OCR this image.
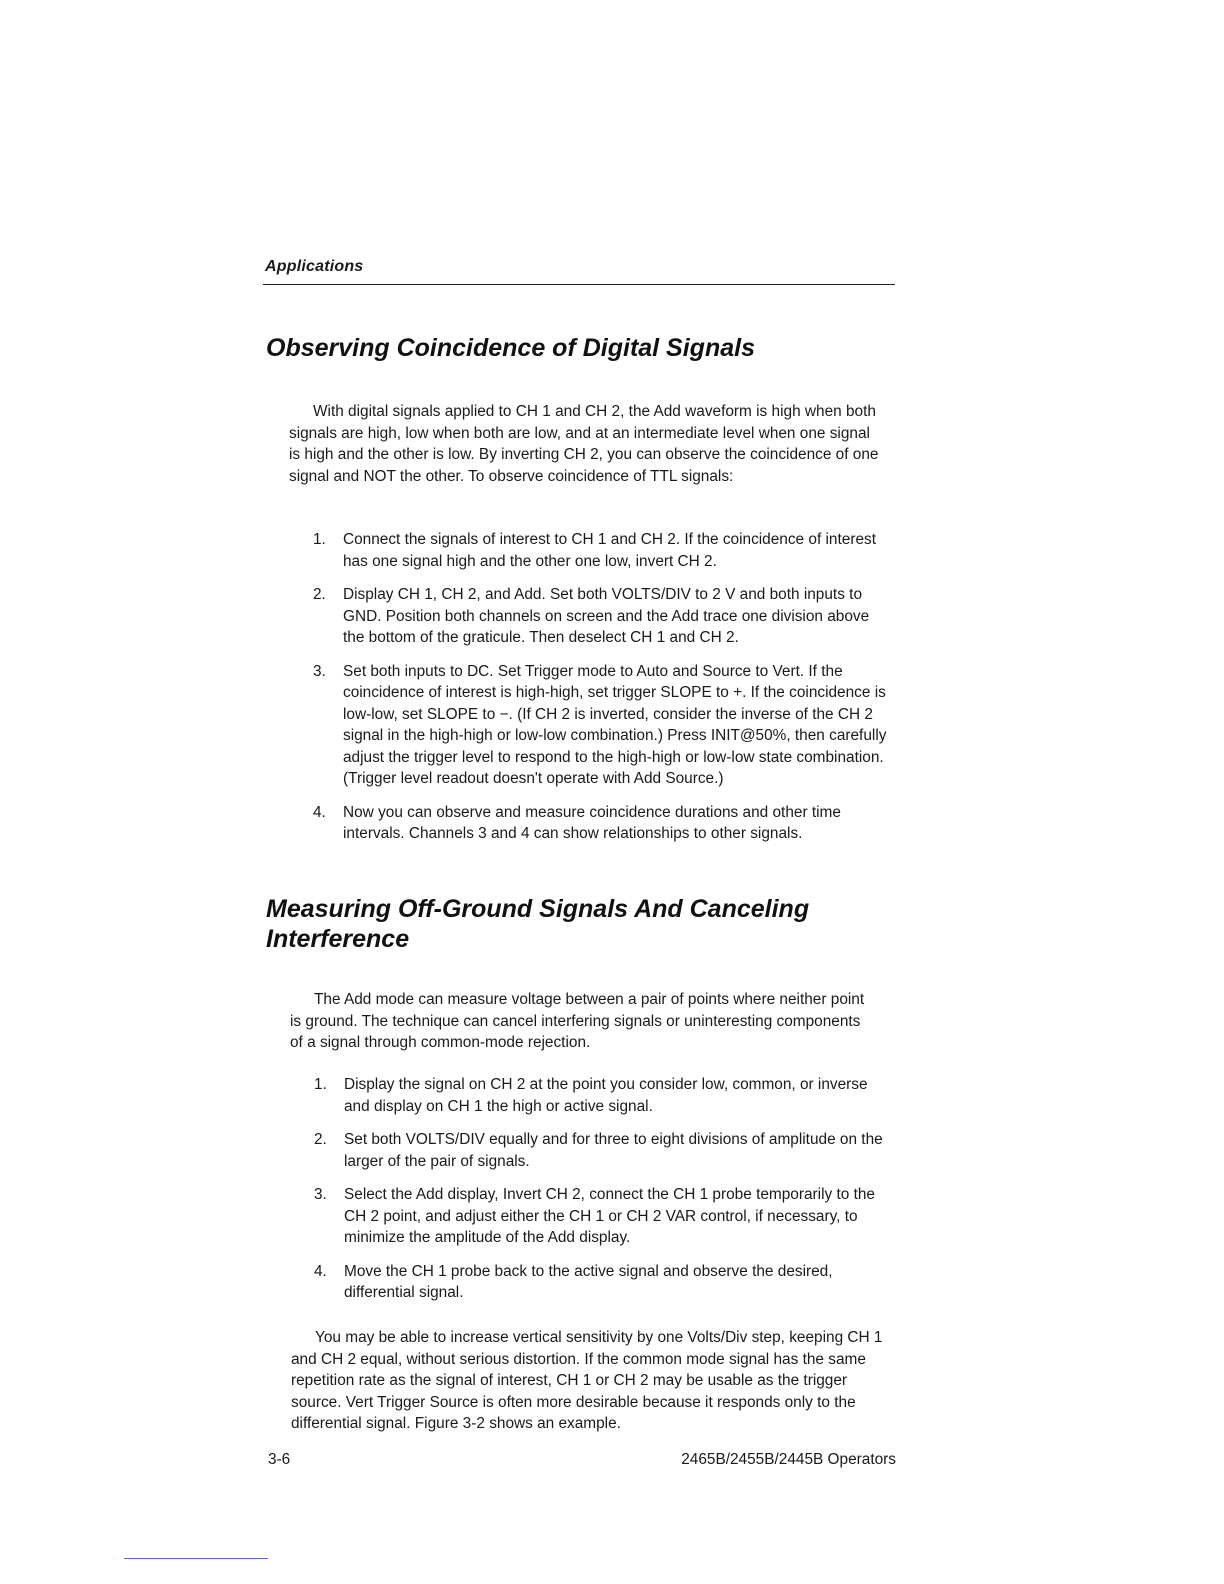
Applications
Observing Coincidence of Digital Signals

With digital signals applied to CH 1 and CH 2, the Add waveform is high when both signals are high, low when both are low, and at an intermediate level when one signal is high and the other is low. By inverting CH 2, you can observe the coincidence of one signal and NOT the other. To observe coincidence of TTL signals:

1. Connect the signals of interest to CH 1 and CH 2. If the coincidence of interest has one signal high and the other one low, invert CH 2.
2. Display CH 1, CH 2, and Add. Set both VOLTS/DIV to 2 V and both inputs to GND. Position both channels on screen and the Add trace one division above the bottom of the graticule. Then deselect CH 1 and CH 2.
3. Set both inputs to DC. Set Trigger mode to Auto and Source to Vert. If the coincidence of interest is high-high, set trigger SLOPE to +. If the coincidence is low-low, set SLOPE to −. (If CH 2 is inverted, consider the inverse of the CH 2 signal in the high-high or low-low combination.) Press INIT@50%, then carefully adjust the trigger level to respond to the high-high or low-low state combination. (Trigger level readout doesn't operate with Add Source.)
4. Now you can observe and measure coincidence durations and other time intervals. Channels 3 and 4 can show relationships to other signals.
Measuring Off-Ground Signals And Canceling
Interference

The Add mode can measure voltage between a pair of points where neither point is ground. The technique can cancel interfering signals or uninteresting components of a signal through common-mode rejection.

1. Display the signal on CH 2 at the point you consider low, common, or inverse and display on CH 1 the high or active signal.
2. Set both VOLTS/DIV equally and for three to eight divisions of amplitude on the larger of the pair of signals.
3. Select the Add display, Invert CH 2, connect the CH 1 probe temporarily to the CH 2 point, and adjust either the CH 1 or CH 2 VAR control, if necessary, to minimize the amplitude of the Add display.
4. Move the CH 1 probe back to the active signal and observe the desired, differential signal.

You may be able to increase vertical sensitivity by one Volts/Div step, keeping CH 1 and CH 2 equal, without serious distortion. If the common mode signal has the same repetition rate as the signal of interest, CH 1 or CH 2 may be usable as the trigger source. Vert Trigger Source is often more desirable because it responds only to the differential signal. Figure 3-2 shows an example.

3-6	2465B/2455B/2445B Operators
